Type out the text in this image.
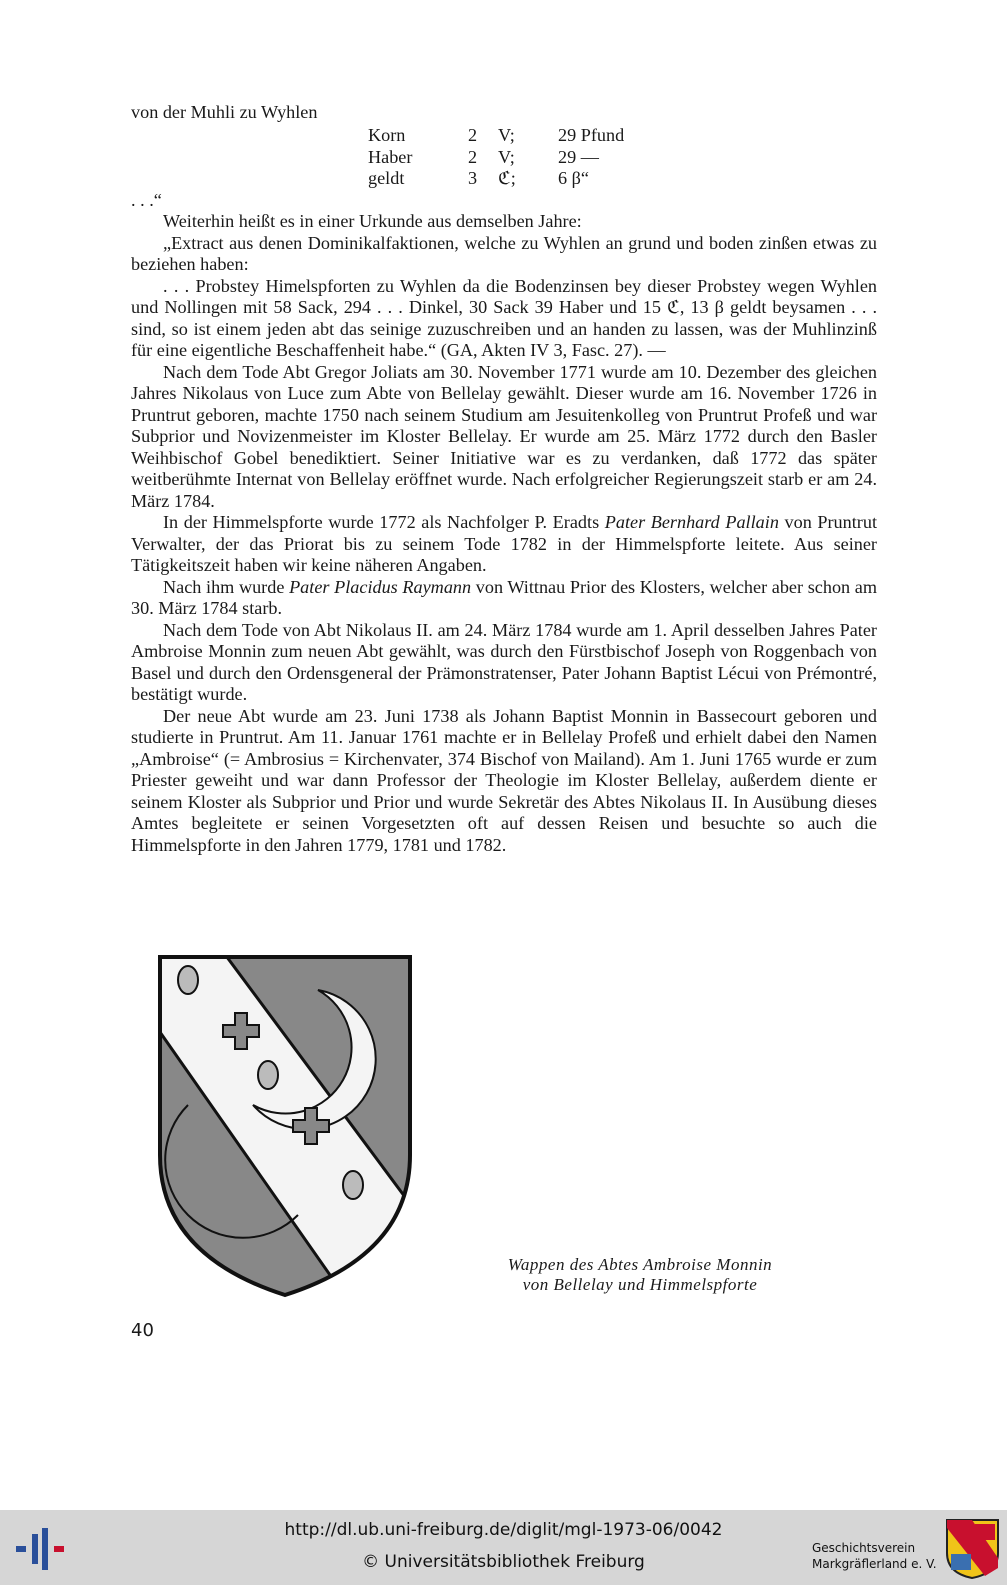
von der Muhli zu Wyhlen
Korn	2	V;	29 Pfund
Haber	2	V;	29 —
geldt	3	ℭ;	6 β“
. . .“

Weiterhin heißt es in einer Urkunde aus demselben Jahre:

„Extract aus denen Dominikalfaktionen, welche zu Wyhlen an grund und boden zinßen etwas zu beziehen haben:

. . . Probstey Himelspforten zu Wyhlen da die Bodenzinsen bey dieser Probstey wegen Wyhlen und Nollingen mit 58 Sack, 294 . . . Dinkel, 30 Sack 39 Haber und 15 ℭ, 13 β geldt beysamen . . . sind, so ist einem jeden abt das seinige zuzuschreiben und an handen zu lassen, was der Muhlinzinß für eine eigentliche Beschaffenheit habe.“ (GA, Akten IV 3, Fasc. 27). —

Nach dem Tode Abt Gregor Joliats am 30. November 1771 wurde am 10. Dezember des gleichen Jahres Nikolaus von Luce zum Abte von Bellelay gewählt. Dieser wurde am 16. November 1726 in Pruntrut geboren, machte 1750 nach seinem Studium am Jesuitenkolleg von Pruntrut Profeß und war Subprior und Novizenmeister im Kloster Bellelay. Er wurde am 25. März 1772 durch den Basler Weihbischof Gobel benediktiert. Seiner Initiative war es zu verdanken, daß 1772 das später weitberühmte Internat von Bellelay eröffnet wurde. Nach erfolgreicher Regierungszeit starb er am 24. März 1784.

In der Himmelspforte wurde 1772 als Nachfolger P. Eradts Pater Bernhard Pallain von Pruntrut Verwalter, der das Priorat bis zu seinem Tode 1782 in der Himmelspforte leitete. Aus seiner Tätigkeitszeit haben wir keine näheren Angaben.

Nach ihm wurde Pater Placidus Raymann von Wittnau Prior des Klosters, welcher aber schon am 30. März 1784 starb.

Nach dem Tode von Abt Nikolaus II. am 24. März 1784 wurde am 1. April desselben Jahres Pater Ambroise Monnin zum neuen Abt gewählt, was durch den Fürstbischof Joseph von Roggenbach von Basel und durch den Ordensgeneral der Prämonstratenser, Pater Johann Baptist Lécui von Prémontré, bestätigt wurde.

Der neue Abt wurde am 23. Juni 1738 als Johann Baptist Monnin in Bassecourt geboren und studierte in Pruntrut. Am 11. Januar 1761 machte er in Bellelay Profeß und erhielt dabei den Namen „Ambroise“ (= Ambrosius = Kirchenvater, 374 Bischof von Mailand). Am 1. Juni 1765 wurde er zum Priester geweiht und war dann Professor der Theologie im Kloster Bellelay, außerdem diente er seinem Kloster als Subprior und Prior und wurde Sekretär des Abtes Nikolaus II. In Ausübung dieses Amtes begleitete er seinen Vorgesetzten oft auf dessen Reisen und besuchte so auch die Himmelspforte in den Jahren 1779, 1781 und 1782.

Wappen des Abtes Ambroise Monnin
von Bellelay und Himmelspforte
40
http://dl.ub.uni-freiburg.de/diglit/mgl-1973-06/0042
© Universitätsbibliothek Freiburg
Geschichtsverein
Markgräflerland e. V.
